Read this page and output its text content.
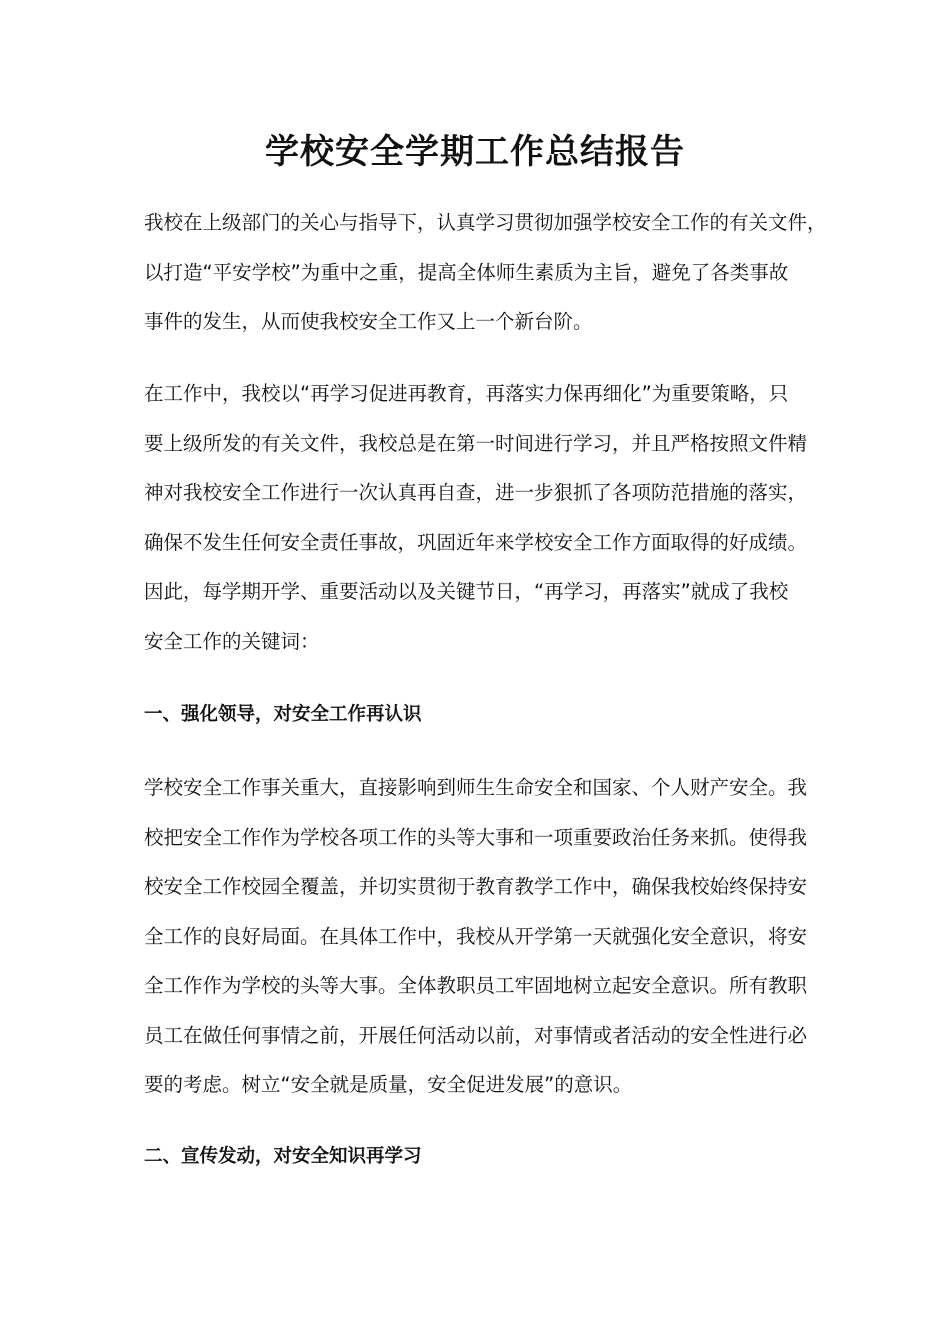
学校安全学期工作总结报告
我校在上级部门的关心与指导下，认真学习贯彻加强学校安全工作的有关文件，
以打造“平安学校”为重中之重，提高全体师生素质为主旨，避免了各类事故
事件的发生，从而使我校安全工作又上一个新台阶。
在工作中，我校以“再学习促进再教育，再落实力保再细化”为重要策略，只
要上级所发的有关文件，我校总是在第一时间进行学习，并且严格按照文件精
神对我校安全工作进行一次认真再自查，进一步狠抓了各项防范措施的落实，
确保不发生任何安全责任事故，巩固近年来学校安全工作方面取得的好成绩。
因此，每学期开学、重要活动以及关键节日，“再学习，再落实”就成了我校
安全工作的关键词：
一、强化领导，对安全工作再认识
学校安全工作事关重大，直接影响到师生生命安全和国家、个人财产安全。我
校把安全工作作为学校各项工作的头等大事和一项重要政治任务来抓。使得我
校安全工作校园全覆盖，并切实贯彻于教育教学工作中，确保我校始终保持安
全工作的良好局面。在具体工作中，我校从开学第一天就强化安全意识，将安
全工作作为学校的头等大事。全体教职员工牢固地树立起安全意识。所有教职
员工在做任何事情之前，开展任何活动以前，对事情或者活动的安全性进行必
要的考虑。树立“安全就是质量，安全促进发展”的意识。
二、宣传发动，对安全知识再学习
